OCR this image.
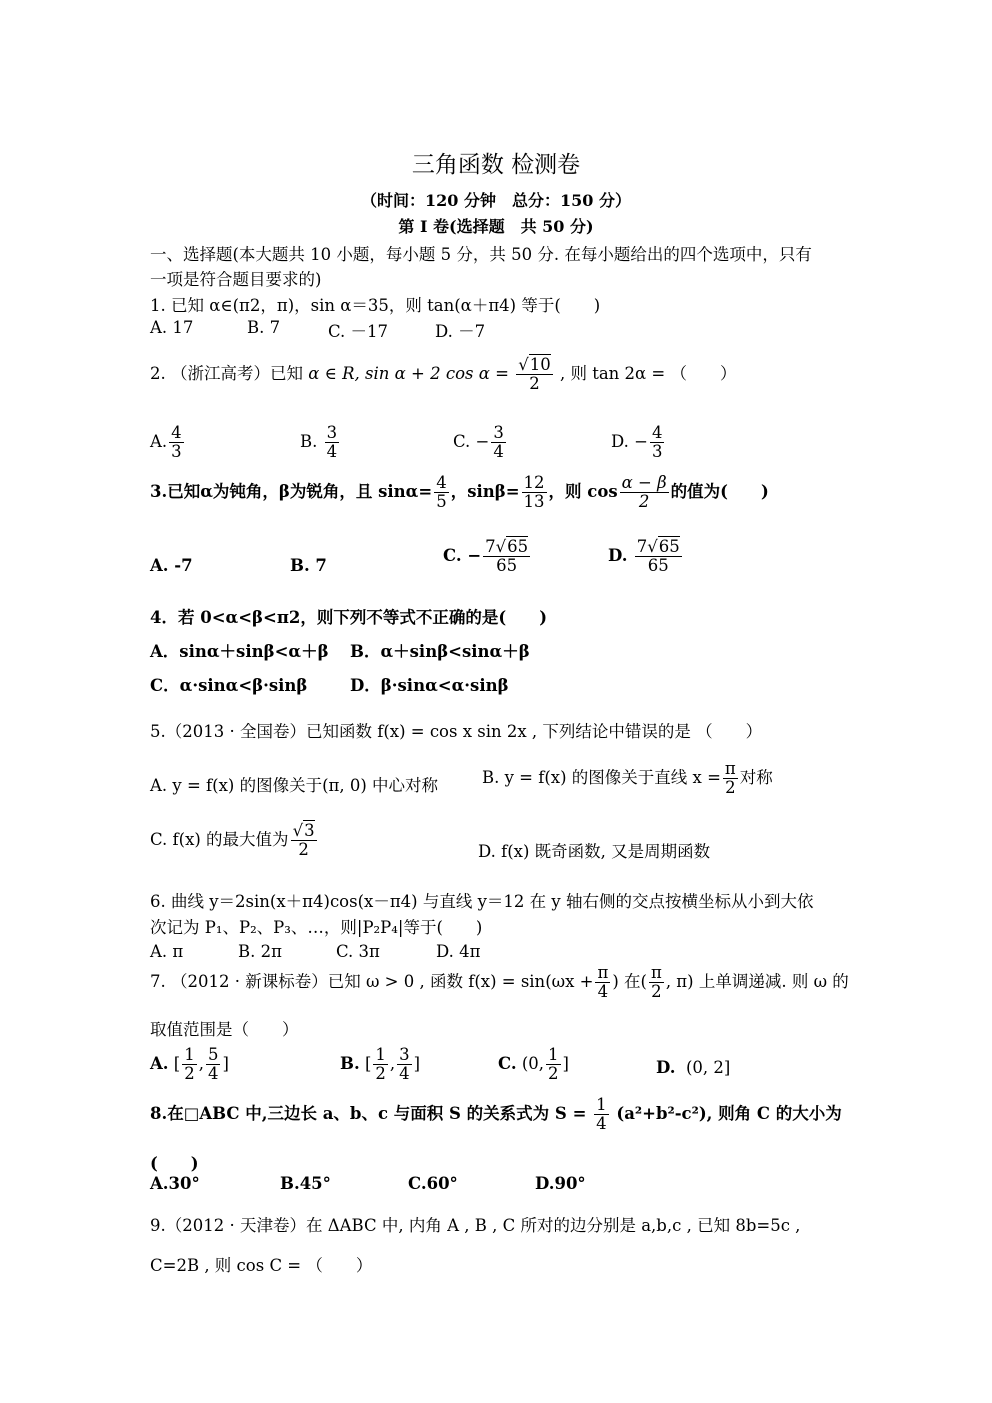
三角函数 检测卷
（时间：120 分钟　总分：150 分）
第 I 卷(选择题　共 50 分)
一、选择题(本大题共 10 小题，每小题 5 分，共 50 分. 在每小题给出的四个选项中，只有
一项是符合题目要求的)
1. 已知 α∈(π2，π)，sin α＝35，则 tan(α＋π4) 等于(　　)
A. 17	B. 7	C. －17	D. －7
2. （浙江高考）已知 α ∈ R, sin α + 2 $\cos \alpha = \frac{√10}{2}$ , 则 tan 2α = （　　）
A. $\frac{4}{3}$	B. $\frac{3}{4}$	C. − $\frac{3}{4}$	D. − $\frac{4}{3}$
3.已知α为钝角，β为锐角，且 $\sin\alpha= \frac{4}{5}$ ，$\sin\beta= \frac{12}{13}$ ，则 $\cos \frac{\alpha - \beta}{2}$ 的值为(　　)
A. -7	B. 7
C. − $\frac{7√65}{65}$	D. $\frac{7√65}{65}$
4．若 0<α<β<π2，则下列不等式不正确的是(　　)
A．sinα＋sinβ<α＋β B．α＋sinβ<sinα＋β
C．α·sinα<β·sinβ	D．β·sinα<α·sinβ
5.（2013 · 全国卷）已知函数 f(x) = cos x sin 2x , 下列结论中错误的是 （　　）
A. y = f(x) 的图像关于(π, 0) 中心对称	B. y = f(x) 的图像关于直线 $x = \frac{\pi}{2}$ 对称
C. f(x) 的最大值为 $\frac{√3}{2}$	D. f(x) 既奇函数, 又是周期函数
6. 曲线 y＝2sin(x＋π4)cos(x－π4) 与直线 y＝12 在 y 轴右侧的交点按横坐标从小到大依
次记为 P₁、P₂、P₃、…，则|P₂P₄|等于(　　)
A. π	B. 2π	C. 3π	D. 4π
7. （2012 · 新课标卷）已知 ω > 0 , 函数 $f(x) = \sin(\omega x + \frac{\pi}{4}$ ) 在( $\frac{\pi}{2}$ , π) 上单调递减. 则 ω 的
取值范围是（　　）
A. [ $\frac{1}{2}$ , $\frac{5}{4}$ ]	B. [ $\frac{1}{2}$ , $\frac{3}{4}$ ]	C. (0, $\frac{1}{2}$ ]	D. (0, 2]
8.在□ABC 中,三边长 a、b、c 与面积 S 的关系式为 $S = \frac{1}{4} (a^2+b^2-c^2)$, 则角 C 的大小为
(　　)
A.30°	B.45°	C.60°	D.90°
9.（2012 · 天津卷）在 ΔABC 中, 内角 A , B , C 所对的边分别是 a,b,c , 已知 8b=5c ,
C=2B , 则 cos C = （　　）
